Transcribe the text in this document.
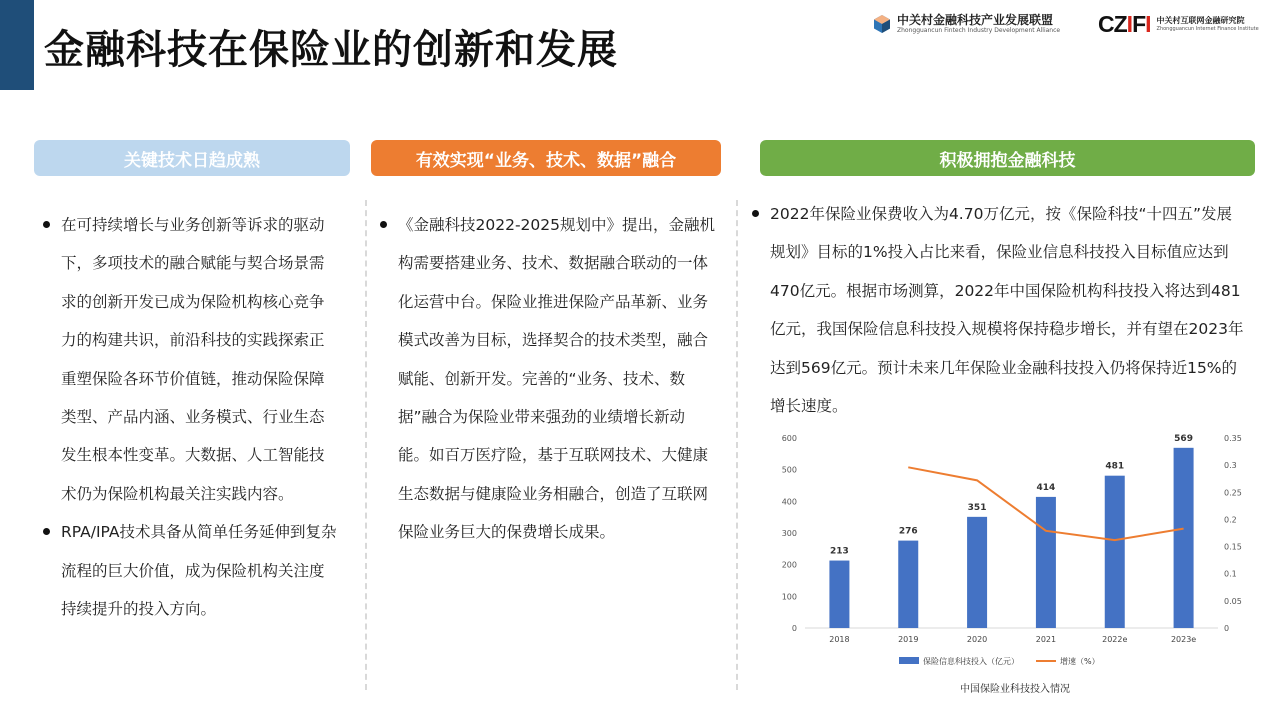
金融科技在保险业的创新和发展
中关村金融科技产业发展联盟
Zhongguancun Fintech Industry Development Alliance CZIFI 中关村互联网金融研究院
Zhongguancun Internet Finance Institute
关键技术日趋成熟	有效实现“业务、技术、数据”融合	积极拥抱金融科技
在可持续增长与业务创新等诉求的驱动下，多项技术的融合赋能与契合场景需求的创新开发已成为保险机构核心竞争力的构建共识，前沿科技的实践探索正重塑保险各环节价值链，推动保险保障类型、产品内涵、业务模式、行业生态发生根本性变革。大数据、人工智能技术仍为保险机构最关注实践内容。
RPA/IPA技术具备从简单任务延伸到复杂流程的巨大价值，成为保险机构关注度持续提升的投入方向。
《金融科技2022-2025规划中》提出，金融机构需要搭建业务、技术、数据融合联动的一体化运营中台。保险业推进保险产品革新、业务模式改善为目标，选择契合的技术类型，融合赋能、创新开发。完善的“业务、技术、数据”融合为保险业带来强劲的业绩增长新动能。如百万医疗险，基于互联网技术、大健康生态数据与健康险业务相融合，创造了互联网保险业务巨大的保费增长成果。
2022年保险业保费收入为4.70万亿元，按《保险科技“十四五”发展规划》目标的1%投入占比来看，保险业信息科技投入目标值应达到470亿元。根据市场测算，2022年中国保险机构科技投入将达到481亿元，我国保险信息科技投入规模将保持稳步增长，并有望在2023年达到569亿元。预计未来几年保险业金融科技投入仍将保持近15%的增长速度。
0
100
200
300
400
500
600
0
0.05
0.1
0.15
0.2
0.25
0.3
0.35
213
276
351
414
481
569
2018	2019	2020	2021	2022e	2023e
保险信息科技投入（亿元）	增速（%）
中国保险业科技投入情况
